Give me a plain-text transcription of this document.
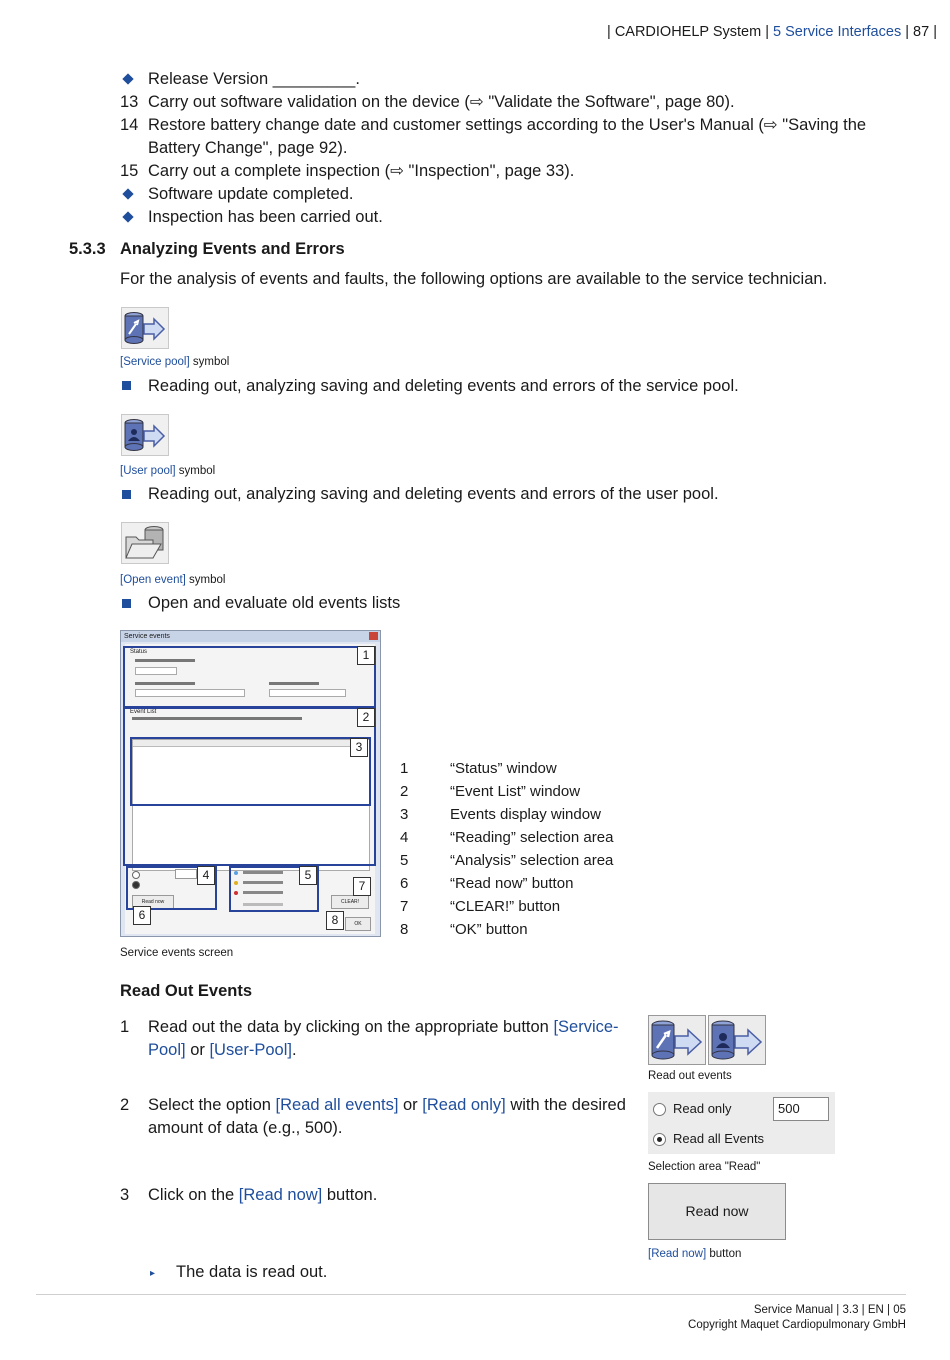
| CARDIOHELP System | 5 Service Interfaces | 87 |
Release Version _________.
13 Carry out software validation on the device (⇨ "Validate the Software", page 80).
14 Restore battery change date and customer settings according to the User's Manual (⇨ "Saving the
Battery Change", page 92).
15 Carry out a complete inspection (⇨ "Inspection", page 33).
Software update completed.
Inspection has been carried out.
5.3.3 Analyzing Events and Errors
For the analysis of events and faults, the following options are available to the service technician.
[Service pool] symbol
Reading out, analyzing saving and deleting events and errors of the service pool.
[User pool] symbol
Reading out, analyzing saving and deleting events and errors of the user pool.
[Open event] symbol
Open and evaluate old events lists
Service events
Status
Event List
Read now	CLEAR!
OK
1
2
3
4	5
6
7
8
Service events screen
1	“Status” window
2	“Event List” window
3	Events display window
4	“Reading” selection area
5	“Analysis” selection area
6	“Read now” button
7	“CLEAR!” button
8	“OK” button
Read Out Events
1 Read out the data by clicking on the appropriate button [Service-
Pool] or [User-Pool].
2 Select the option [Read all events] or [Read only] with the desired
amount of data (e.g., 500).
3 Click on the [Read now] button.
▸ The data is read out.
Read out events
Read only	500
Read all Events
Selection area "Read"
Read now
[Read now] button
Service Manual | 3.3 | EN | 05
Copyright Maquet Cardiopulmonary GmbH
